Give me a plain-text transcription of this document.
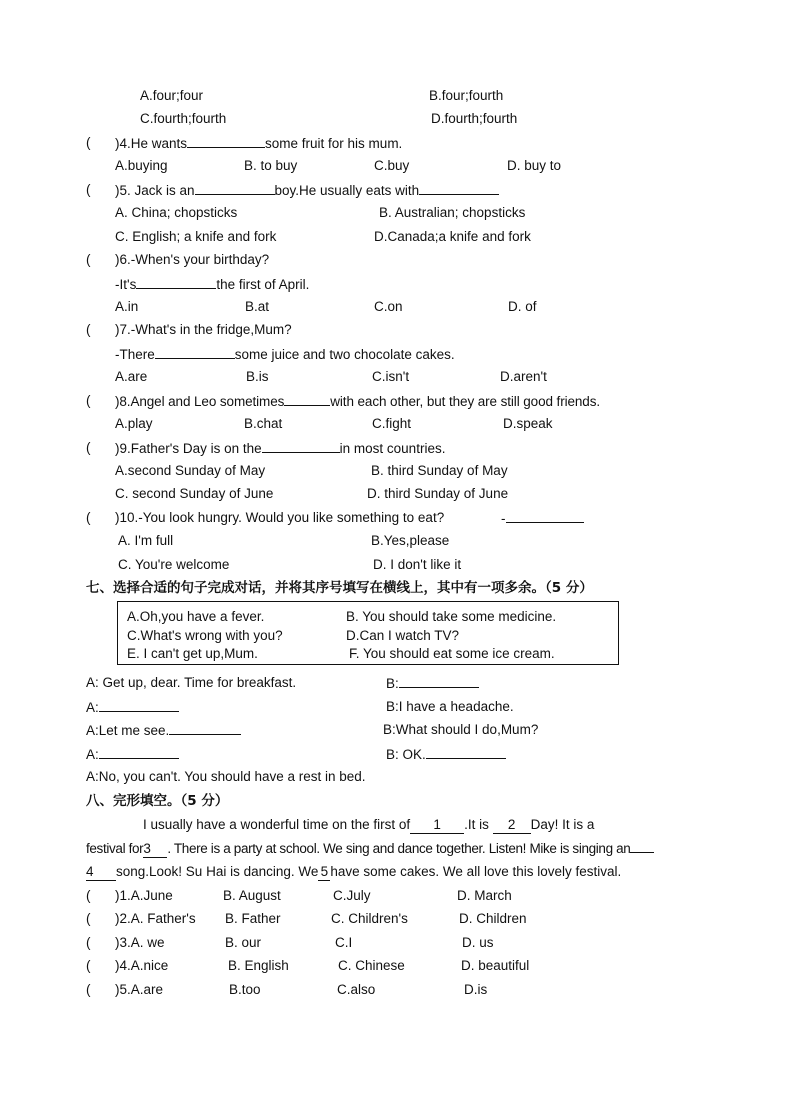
A.four;four	B.four;fourth
C.fourth;fourth	D.fourth;fourth
( )4.He wants	some fruit for his mum.
A.buying	B. to buy	C.buy	D. buy to
( )5. Jack is an	boy.He usually eats with
A. China; chopsticks	B. Australian; chopsticks
C. English; a knife and fork	D.Canada;a knife and fork
( )6.-When's your birthday?
-It's	the first of April.
A.in	B.at	C.on	D. of
( )7.-What's in the fridge,Mum?
-There	some juice and two chocolate cakes.
A.are	B.is	C.isn't	D.aren't
( )8.Angel and Leo sometimes	with each other, but they are still good friends.
A.play	B.chat	C.fight	D.speak
( )9.Father's Day is on the	in most countries.
A.second Sunday of May	B. third Sunday of May
C. second Sunday of June	D. third Sunday of June
( )10.-You look hungry. Would you like something to eat?	-
A. I'm full	B.Yes,please
C. You're welcome	D. I don't like it
七、选择合适的句子完成对话，并将其序号填写在横线上，其中有一项多余。（5 分）
A.Oh,you have a fever.	B. You should take some medicine.
C.What's wrong with you?	D.Can I watch TV?
E. I can't get up,Mum.	F. You should eat some ice cream.
A: Get up, dear. Time for breakfast.	B:
A:	B:I have a headache.
A:Let me see.	B:What should I do,Mum?
A:	B: OK.
A:No, you can't. You should have a rest in bed.
八、完形填空。（5 分）
I usually have a wonderful time on the first of 1 .It is 2 Day! It is a
festival for3 . There is a party at school. We sing and dance together. Listen! Mike is singing an
4 song.Look! Su Hai is dancing. We 5 have some cakes. We all love this lovely festival.
( )1.A.June	B. August	C.July	D. March
( )2.A. Father's B. Father	C. Children's	D. Children
( )3.A. we	B. our	C.I	D. us
( )4.A.nice	B. English	C. Chinese	D. beautiful
( )5.A.are	B.too	C.also	D.is
